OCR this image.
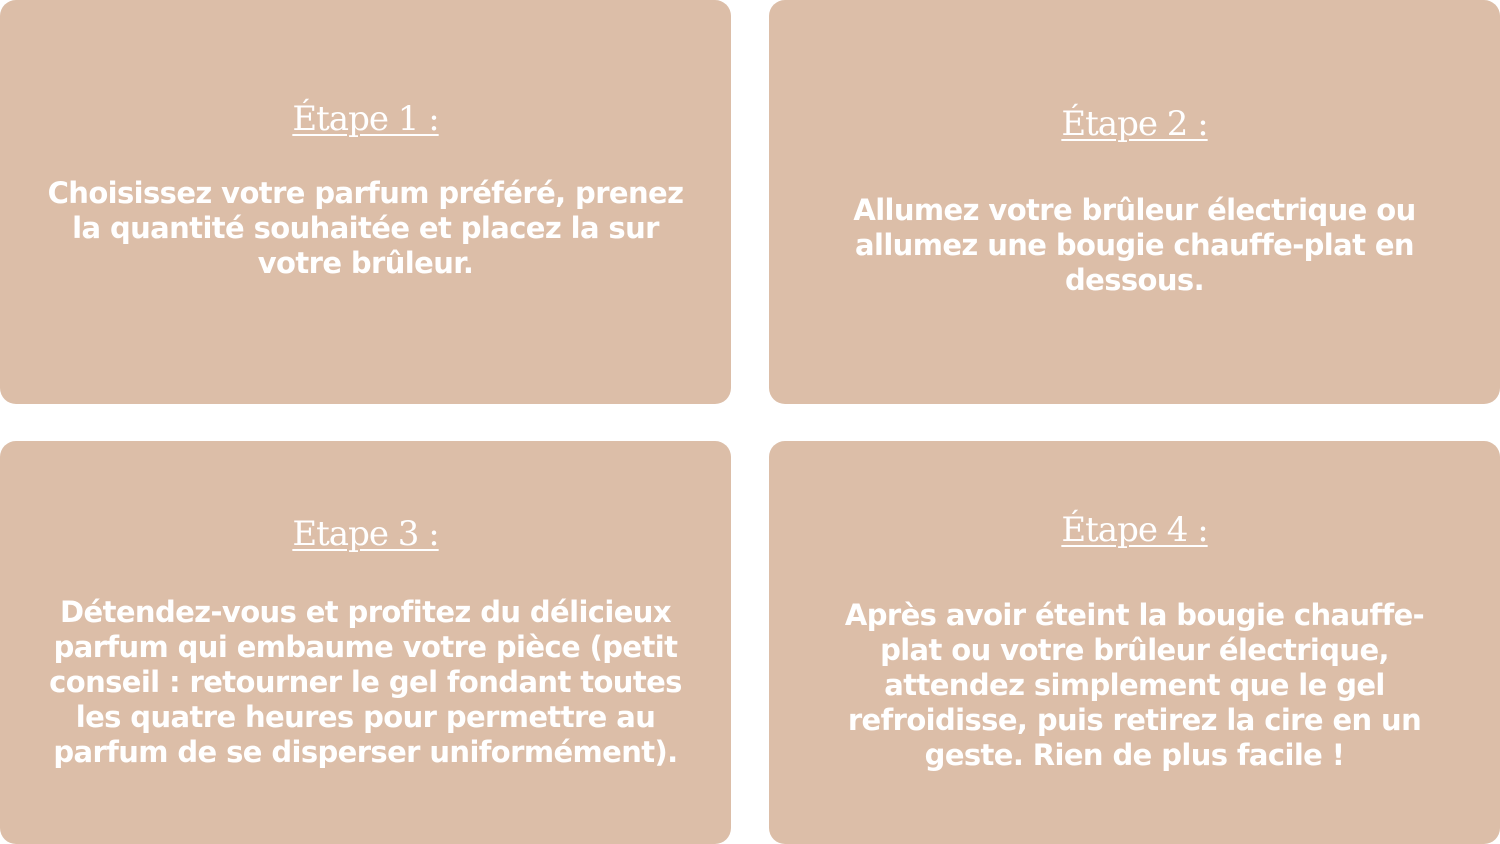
Étape 1 :
Choisissez votre parfum préféré, prenez la quantité souhaitée et placez la sur votre brûleur.
Étape 2 :
Allumez votre brûleur électrique ou allumez une bougie chauffe-plat en dessous.
Etape 3 :
Détendez-vous et profitez du délicieux parfum qui embaume votre pièce (petit conseil : retourner le gel fondant toutes les quatre heures pour permettre au parfum de se disperser uniformément).
Étape 4 :
Après avoir éteint la bougie chauffe-plat ou votre brûleur électrique, attendez simplement que le gel refroidisse, puis retirez la cire en un geste. Rien de plus facile !
